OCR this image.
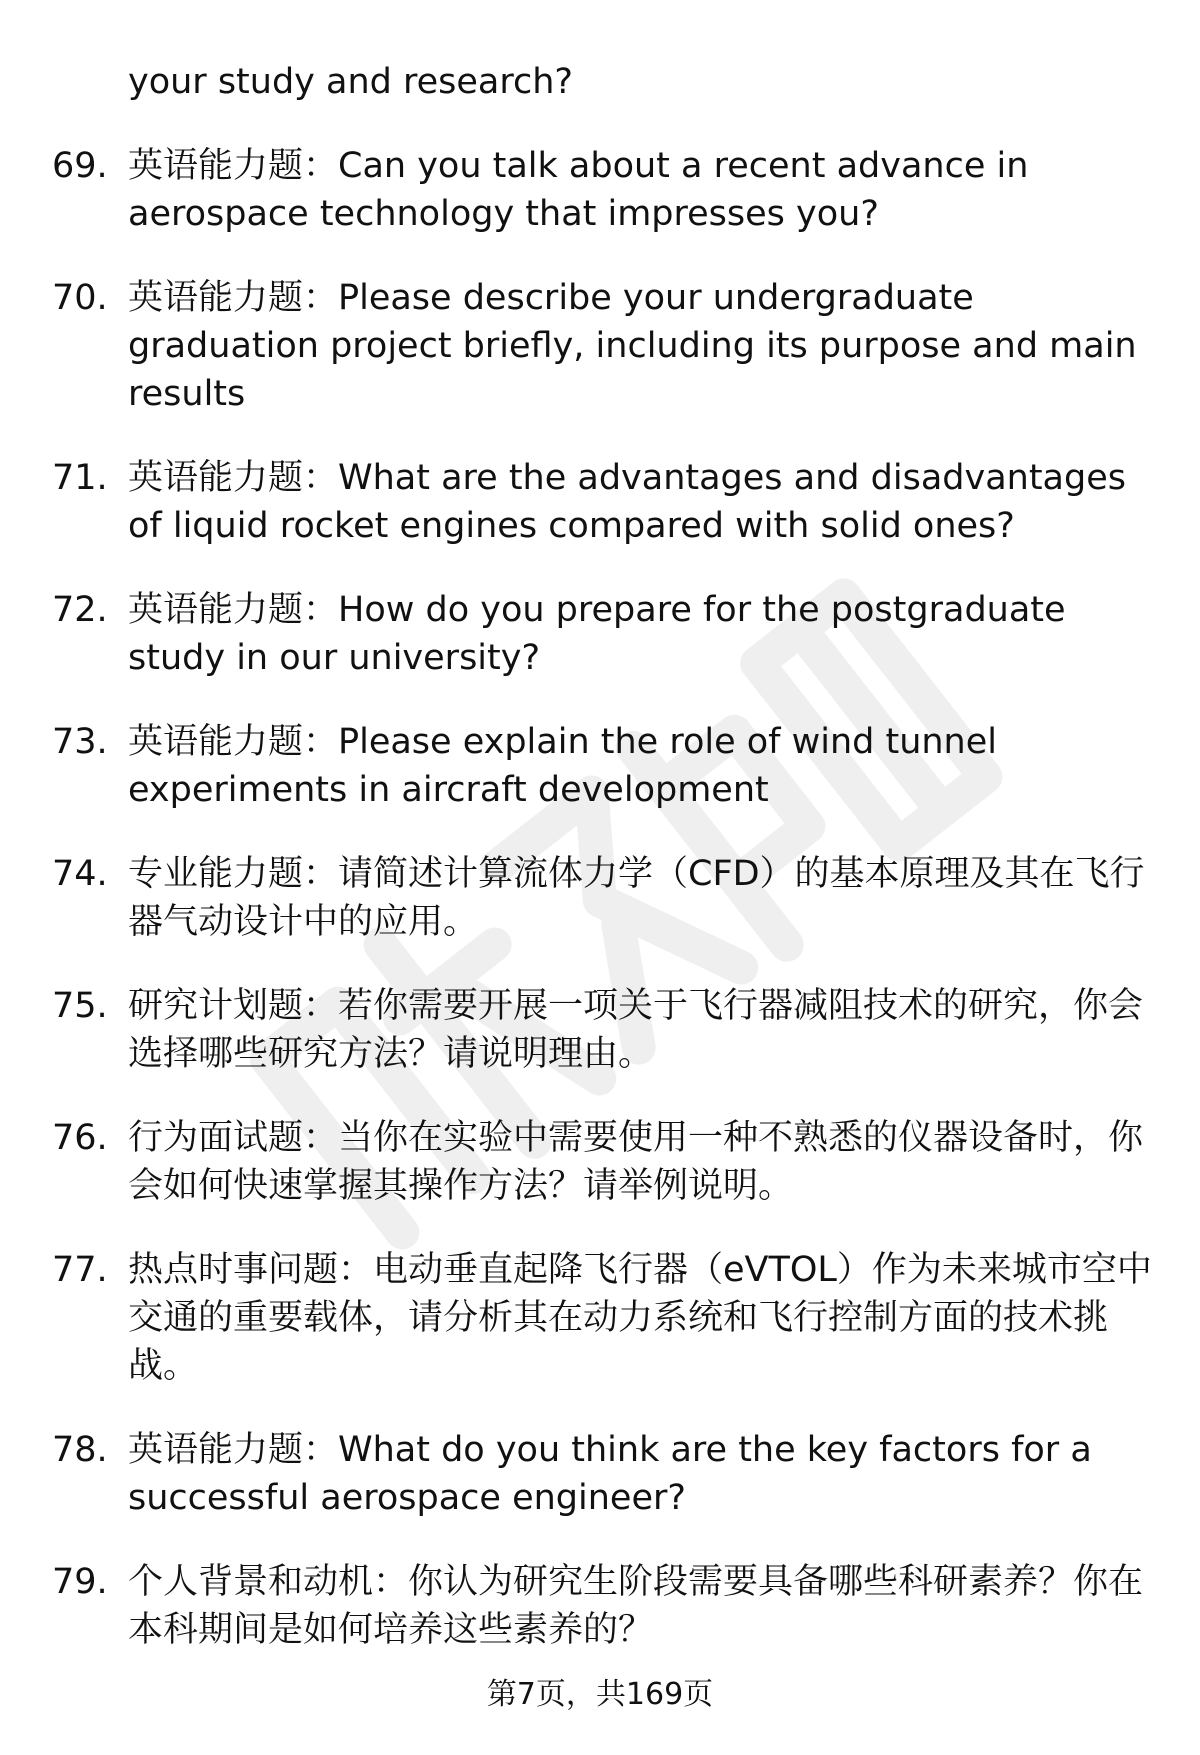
your study and research?

69. 英语能力题：Can you talk about a recent advance in aerospace technology that impresses you?
70. 英语能力题：Please describe your undergraduate graduation project briefly, including its purpose and main results
71. 英语能力题：What are the advantages and disadvantages of liquid rocket engines compared with solid ones?
72. 英语能力题：How do you prepare for the postgraduate study in our university?
73. 英语能力题：Please explain the role of wind tunnel experiments in aircraft development
74. 专业能力题：请简述计算流体力学（CFD）的基本原理及其在飞行器气动设计中的应用。
75. 研究计划题：若你需要开展一项关于飞行器减阻技术的研究，你会选择哪些研究方法？请说明理由。
76. 行为面试题：当你在实验中需要使用一种不熟悉的仪器设备时，你会如何快速掌握其操作方法？请举例说明。
77. 热点时事问题：电动垂直起降飞行器（eVTOL）作为未来城市空中交通的重要载体，请分析其在动力系统和飞行控制方面的技术挑战。
78. 英语能力题：What do you think are the key factors for a successful aerospace engineer?
79. 个人背景和动机：你认为研究生阶段需要具备哪些科研素养？你在本科期间是如何培养这些素养的？
第7页，共169页
